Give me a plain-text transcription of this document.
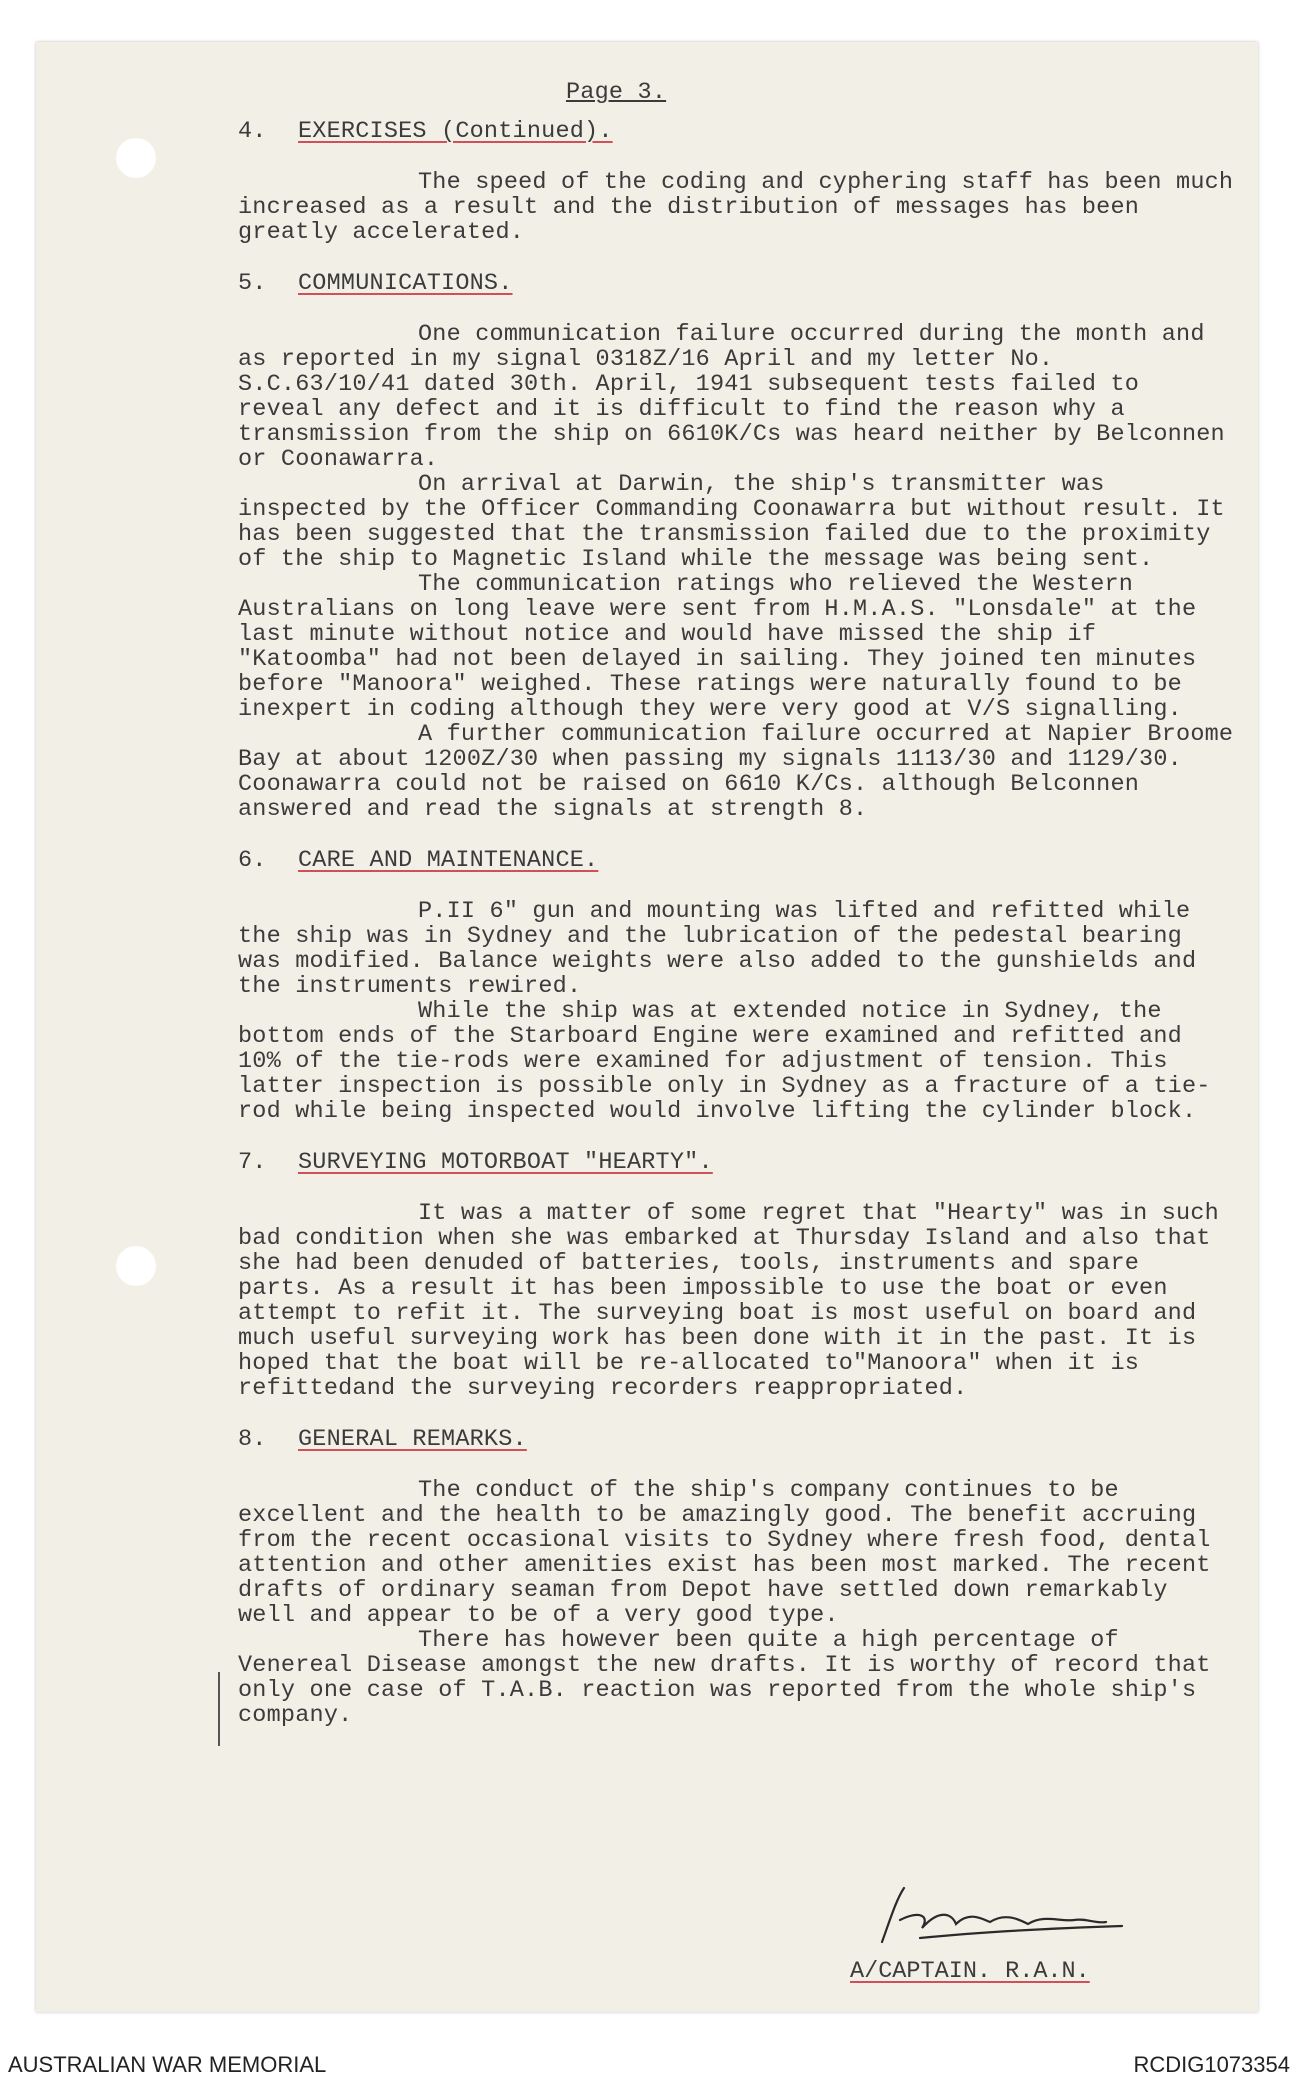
Page 3.
4. EXERCISES (Continued).

The speed of the coding and cyphering staff has been much increased as a result and the distribution of messages has been greatly accelerated.

5. COMMUNICATIONS.

One communication failure occurred during the month and as reported in my signal 0318Z/16 April and my letter No. S.C.63/10/41 dated 30th. April, 1941 subsequent tests failed to reveal any defect and it is difficult to find the reason why a transmission from the ship on 6610K/Cs was heard neither by Belconnen or Coonawarra.

On arrival at Darwin, the ship's transmitter was inspected by the Officer Commanding Coonawarra but without result. It has been suggested that the transmission failed due to the proximity of the ship to Magnetic Island while the message was being sent.

The communication ratings who relieved the Western Australians on long leave were sent from H.M.A.S. "Lonsdale" at the last minute without notice and would have missed the ship if "Katoomba" had not been delayed in sailing. They joined ten minutes before "Manoora" weighed. These ratings were naturally found to be inexpert in coding although they were very good at V/S signalling.

A further communication failure occurred at Napier Broome Bay at about 1200Z/30 when passing my signals 1113/30 and 1129/30. Coonawarra could not be raised on 6610 K/Cs. although Belconnen answered and read the signals at strength 8.

6. CARE AND MAINTENANCE.

P.II 6" gun and mounting was lifted and refitted while the ship was in Sydney and the lubrication of the pedestal bearing was modified. Balance weights were also added to the gunshields and the instruments rewired.

While the ship was at extended notice in Sydney, the bottom ends of the Starboard Engine were examined and refitted and 10% of the tie-rods were examined for adjustment of tension. This latter inspection is possible only in Sydney as a fracture of a tie-rod while being inspected would involve lifting the cylinder block.

7. SURVEYING MOTORBOAT "HEARTY".

It was a matter of some regret that "Hearty" was in such bad condition when she was embarked at Thursday Island and also that she had been denuded of batteries, tools, instruments and spare parts. As a result it has been impossible to use the boat or even attempt to refit it. The surveying boat is most useful on board and much useful surveying work has been done with it in the past. It is hoped that the boat will be re-allocated to"Manoora" when it is refittedand the surveying recorders reappropriated.

8. GENERAL REMARKS.

The conduct of the ship's company continues to be excellent and the health to be amazingly good. The benefit accruing from the recent occasional visits to Sydney where fresh food, dental attention and other amenities exist has been most marked. The recent drafts of ordinary seaman from Depot have settled down remarkably well and appear to be of a very good type.

There has however been quite a high percentage of Venereal Disease amongst the new drafts. It is worthy of record that only one case of T.A.B. reaction was reported from the whole ship's company.

A/CAPTAIN. R.A.N.
AUSTRALIAN WAR MEMORIAL	RCDIG1073354
